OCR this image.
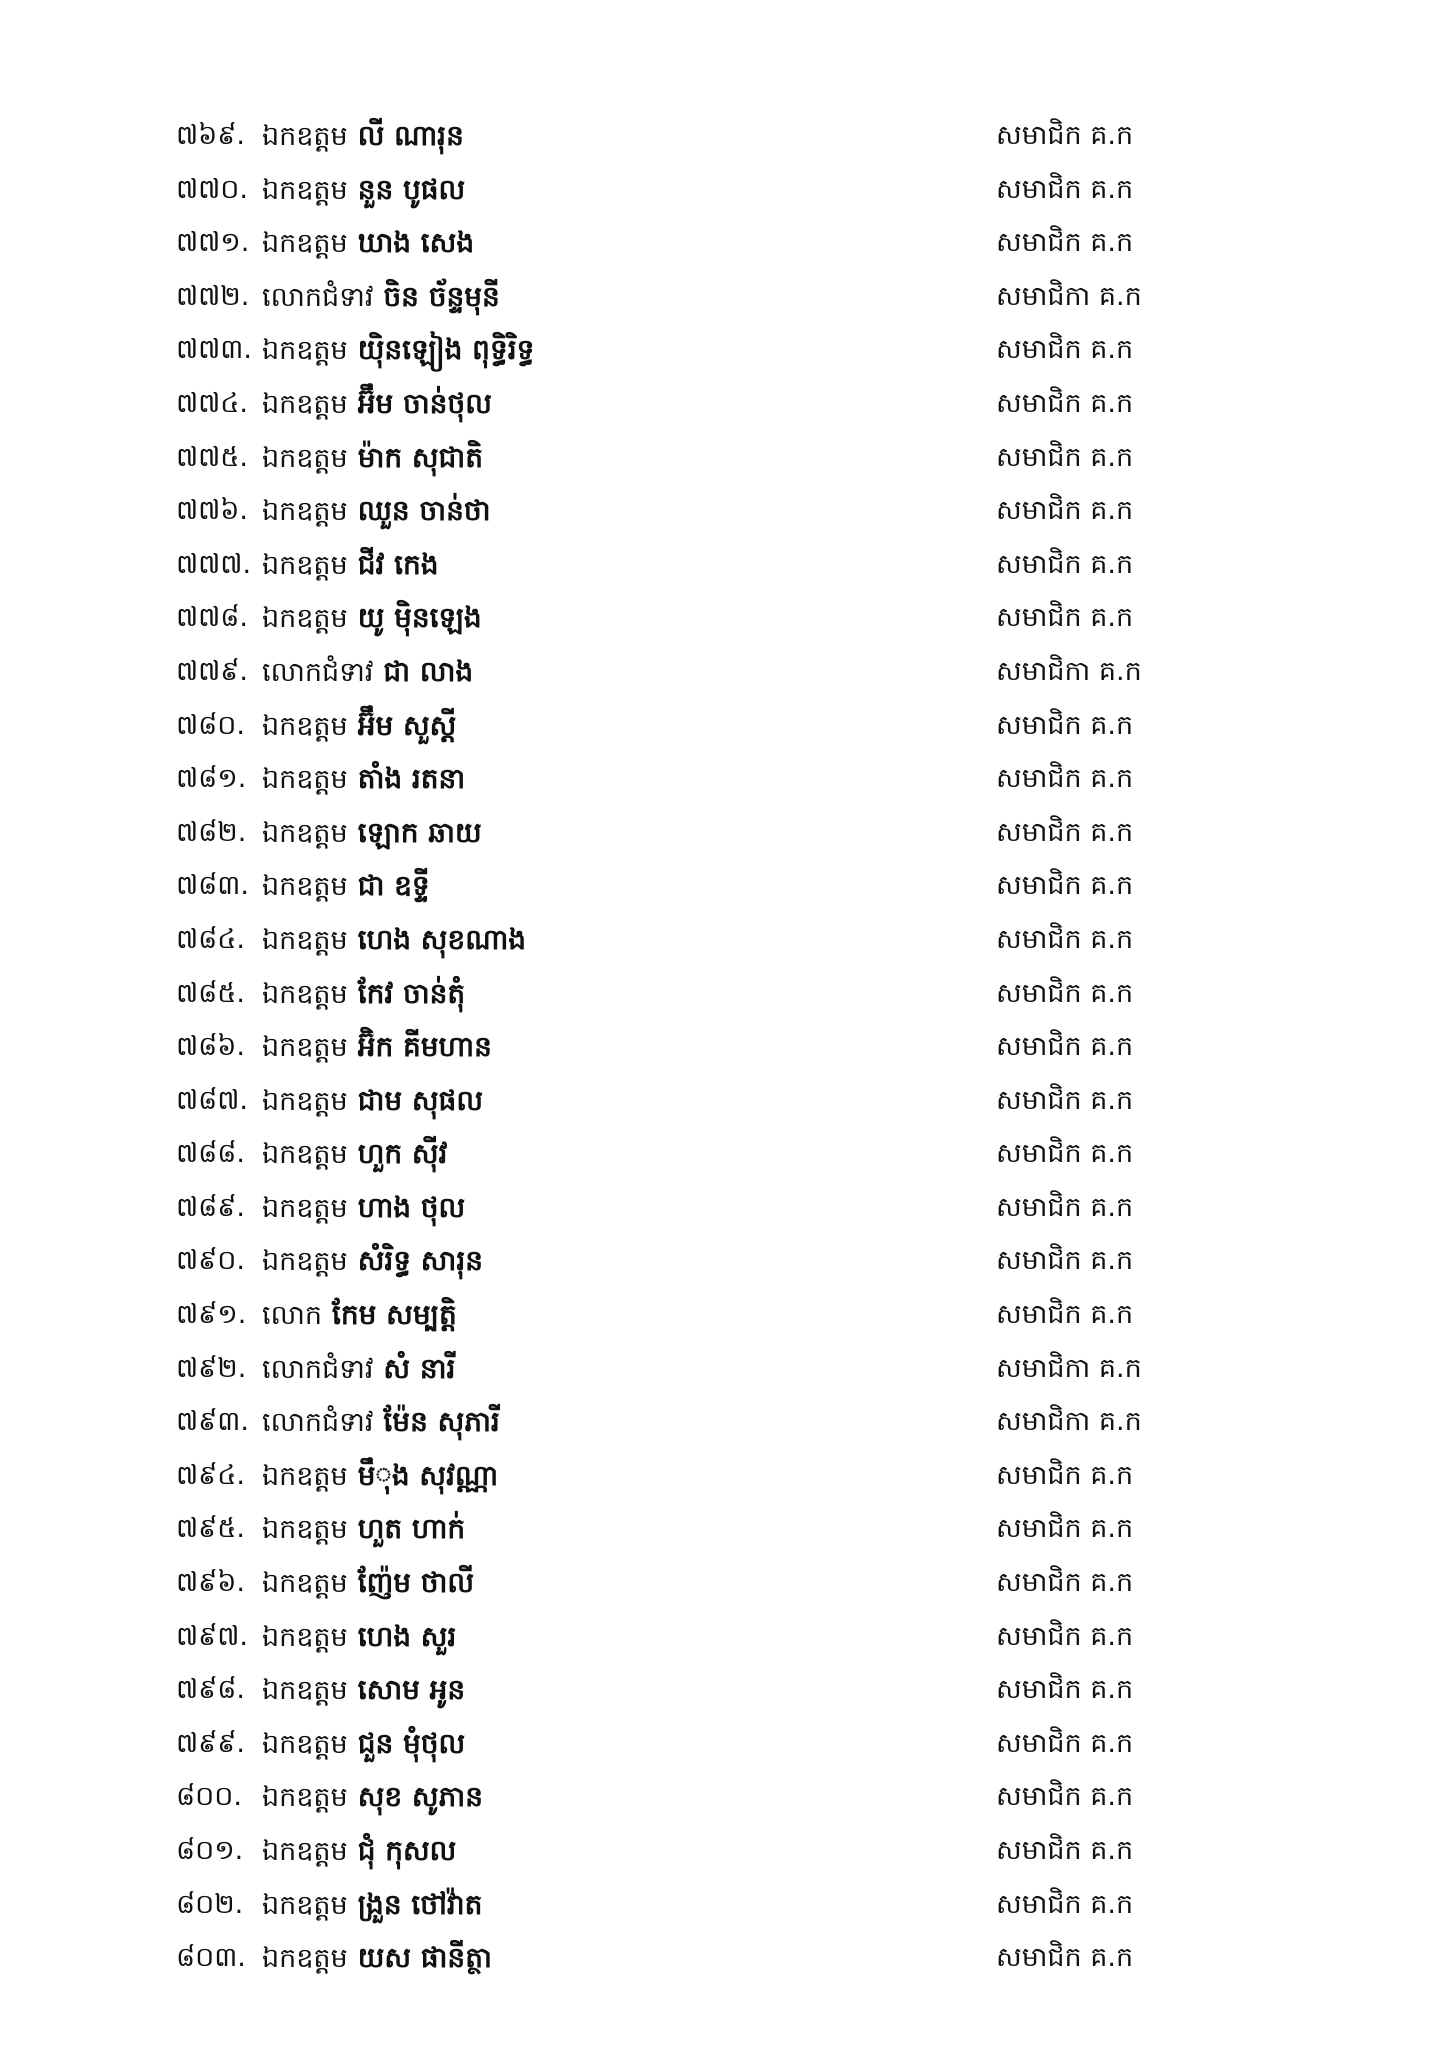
៧៦៩. ឯកឧត្តម លី ណារុន	សមាជិក គ.ក
៧៧០. ឯកឧត្តម នួន បូផល	សមាជិក គ.ក
៧៧១. ឯកឧត្តម ឃាង សេង	សមាជិក គ.ក
៧៧២. លោកជំទាវ ចិន ច័ន្ទមុនី	សមាជិកា គ.ក
៧៧៣. ឯកឧត្តម យ៉ិនឡៀង ពុទ្ធិរិទ្ធ	សមាជិក គ.ក
៧៧៤. ឯកឧត្តម អ៊ឹម ចាន់ថុល	សមាជិក គ.ក
៧៧៥. ឯកឧត្តម ម៉ាក សុជាតិ	សមាជិក គ.ក
៧៧៦. ឯកឧត្តម ឈួន ចាន់ថា	សមាជិក គ.ក
៧៧៧. ឯកឧត្តម ជីវ កេង	សមាជិក គ.ក
៧៧៨. ឯកឧត្តម យូ ម៉ិនឡេង	សមាជិក គ.ក
៧៧៩. លោកជំទាវ ជា លាង	សមាជិកា គ.ក
៧៨០. ឯកឧត្តម អ៊ឹម សួស្តី	សមាជិក គ.ក
៧៨១. ឯកឧត្តម តាំង រតនា	សមាជិក គ.ក
៧៨២. ឯកឧត្តម ឡោក ឆាយ	សមាជិក គ.ក
៧៨៣. ឯកឧត្តម ជា ឧទ្ទី	សមាជិក គ.ក
៧៨៤. ឯកឧត្តម ហេង សុខណាង	សមាជិក គ.ក
៧៨៥. ឯកឧត្តម កែវ ចាន់តុំ	សមាជិក គ.ក
៧៨៦. ឯកឧត្តម អ៊ិក គីមហាន	សមាជិក គ.ក
៧៨៧. ឯកឧត្តម ជាម សុផល	សមាជិក គ.ក
៧៨៨. ឯកឧត្តម ហួក ស៊ីវ	សមាជិក គ.ក
៧៨៩. ឯកឧត្តម ហាង ថុល	សមាជិក គ.ក
៧៩០. ឯកឧត្តម សំរិទ្ធ សារុន	សមាជិក គ.ក
៧៩១. លោក កែម សម្បត្តិ	សមាជិក គ.ក
៧៩២. លោកជំទាវ សំ នារី	សមាជិកា គ.ក
៧៩៣. លោកជំទាវ ម៉ែន សុភារី	សមាជិកា គ.ក
៧៩៤. ឯកឧត្តម មឹុង សុវណ្ណា	សមាជិក គ.ក
៧៩៥. ឯកឧត្តម ហួត ហាក់	សមាជិក គ.ក
៧៩៦. ឯកឧត្តម ញ៉ែម ថាលី	សមាជិក គ.ក
៧៩៧. ឯកឧត្តម ហេង សួរ	សមាជិក គ.ក
៧៩៨. ឯកឧត្តម សោម អូន	សមាជិក គ.ក
៧៩៩. ឯកឧត្តម ជួន មុំថុល	សមាជិក គ.ក
៨០០. ឯកឧត្តម សុខ សូភាន	សមាជិក គ.ក
៨០១. ឯកឧត្តម ជុំ កុសល	សមាជិក គ.ក
៨០២. ឯកឧត្តម ង្រួន ថៅវ៉ាត	សមាជិក គ.ក
៨០៣. ឯកឧត្តម យស ផានីត្ថា	សមាជិក គ.ក
